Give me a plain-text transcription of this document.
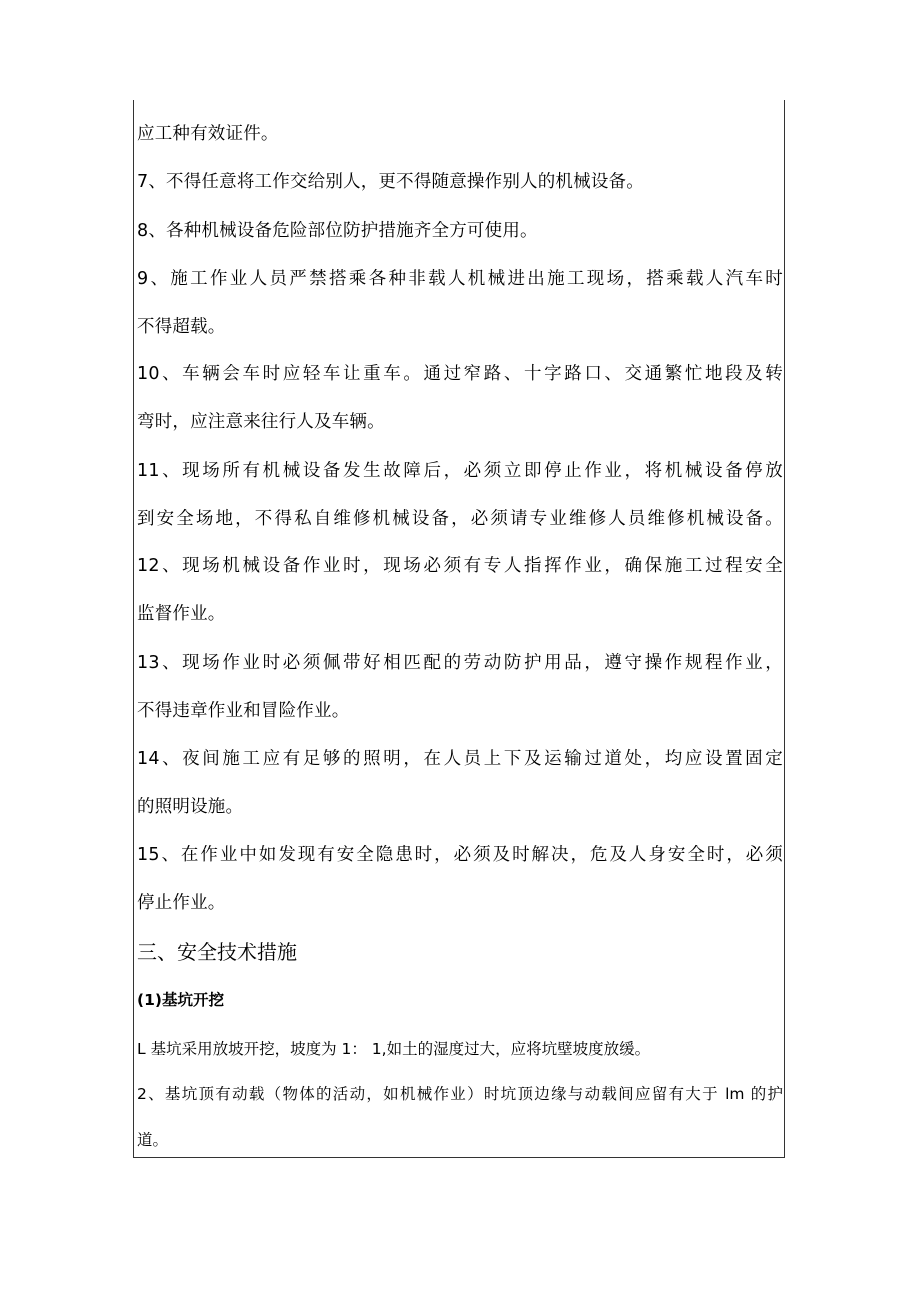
应工种有效证件。
7、不得任意将工作交给别人，更不得随意操作别人的机械设备。
8、各种机械设备危险部位防护措施齐全方可使用。
9、施工作业人员严禁搭乘各种非载人机械进出施工现场，搭乘载人汽车时
不得超载。
10、车辆会车时应轻车让重车。通过窄路、十字路口、交通繁忙地段及转
弯时，应注意来往行人及车辆。
11、现场所有机械设备发生故障后，必须立即停止作业，将机械设备停放
到安全场地，不得私自维修机械设备，必须请专业维修人员维修机械设备。
12、现场机械设备作业时，现场必须有专人指挥作业，确保施工过程安全
监督作业。
13、现场作业时必须佩带好相匹配的劳动防护用品，遵守操作规程作业，
不得违章作业和冒险作业。
14、夜间施工应有足够的照明，在人员上下及运输过道处，均应设置固定
的照明设施。
15、在作业中如发现有安全隐患时，必须及时解决，危及人身安全时，必须
停止作业。
三、安全技术措施
(1)基坑开挖
L 基坑采用放坡开挖，坡度为 1： 1,如土的湿度过大，应将坑壁坡度放缓。
2、基坑顶有动载（物体的活动，如机械作业）时坑顶边缘与动载间应留有大于 lm 的护
道。
